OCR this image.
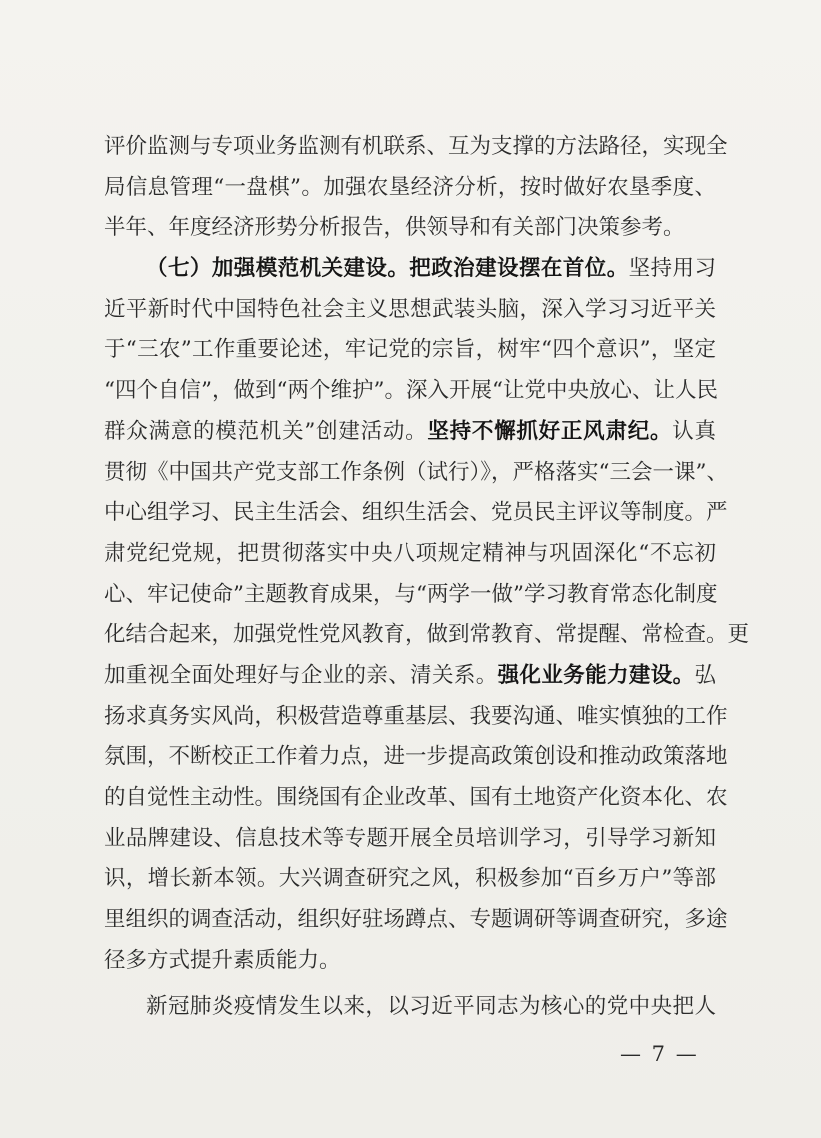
评价监测与专项业务监测有机联系、互为支撑的方法路径，实现全
局信息管理“一盘棋”。加强农垦经济分析，按时做好农垦季度、
半年、年度经济形势分析报告，供领导和有关部门决策参考。
（七）加强模范机关建设。把政治建设摆在首位。坚持用习
近平新时代中国特色社会主义思想武装头脑，深入学习习近平关
于“三农”工作重要论述，牢记党的宗旨，树牢“四个意识”，坚定
“四个自信”，做到“两个维护”。深入开展“让党中央放心、让人民
群众满意的模范机关”创建活动。坚持不懈抓好正风肃纪。认真
贯彻《中国共产党支部工作条例（试行）》，严格落实“三会一课”、
中心组学习、民主生活会、组织生活会、党员民主评议等制度。严
肃党纪党规，把贯彻落实中央八项规定精神与巩固深化“不忘初
心、牢记使命”主题教育成果，与“两学一做”学习教育常态化制度
化结合起来，加强党性党风教育，做到常教育、常提醒、常检查。更
加重视全面处理好与企业的亲、清关系。强化业务能力建设。弘
扬求真务实风尚，积极营造尊重基层、我要沟通、唯实慎独的工作
氛围，不断校正工作着力点，进一步提高政策创设和推动政策落地
的自觉性主动性。围绕国有企业改革、国有土地资产化资本化、农
业品牌建设、信息技术等专题开展全员培训学习，引导学习新知
识，增长新本领。大兴调查研究之风，积极参加“百乡万户”等部
里组织的调查活动，组织好驻场蹲点、专题调研等调查研究，多途
径多方式提升素质能力。
新冠肺炎疫情发生以来，以习近平同志为核心的党中央把人
— 7 —
